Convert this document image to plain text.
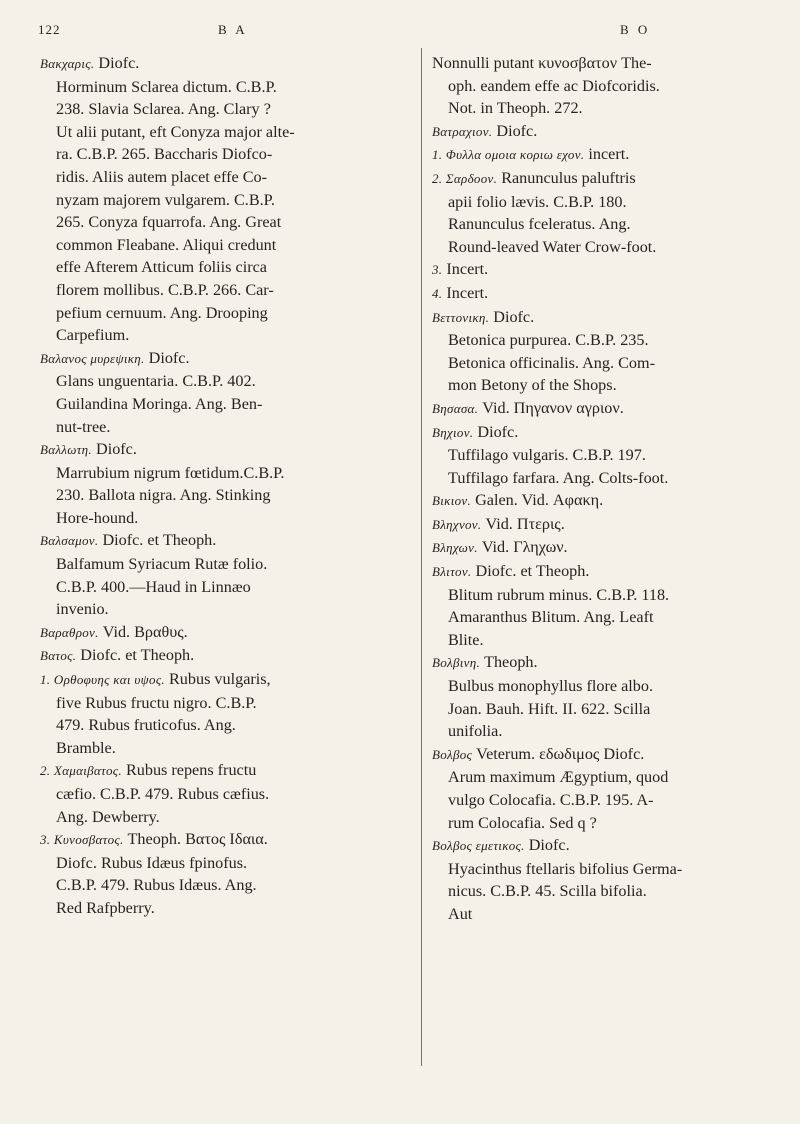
122	B A	B O

Βακχαρις. Diofc.

Horminum Sclarea dictum. C.B.P.

238. Slavia Sclarea. Ang. Clary ?

Ut alii putant, eft Conyza major alte-

ra. C.B.P. 265. Baccharis Diofco-

ridis. Aliis autem placet effe Co-

nyzam majorem vulgarem. C.B.P.

265. Conyza fquarrofa. Ang. Great

common Fleabane. Aliqui credunt

effe Afterem Atticum foliis circa

florem mollibus. C.B.P. 266. Car-

pefium cernuum. Ang. Drooping

Carpefium.

Βαλανος μυρεψικη. Diofc.

Glans unguentaria. C.B.P. 402.

Guilandina Moringa. Ang. Ben-

nut-tree.

Βαλλωτη. Diofc.

Marrubium nigrum fœtidum.C.B.P.

230. Ballota nigra. Ang. Stinking

Hore-hound.

Βαλσαμον. Diofc. et Theoph.

Balfamum Syriacum Rutæ folio.

C.B.P. 400.—Haud in Linnæo

invenio.

Βαραθρον. Vid. Βραθυς.

Βατος. Diofc. et Theoph.

1. Ορθοφυης και υψος. Rubus vulgaris,

five Rubus fructu nigro. C.B.P.

479. Rubus fruticofus. Ang.

Bramble.

2. Χαμαιβατος. Rubus repens fructu

cæfio. C.B.P. 479. Rubus cæfius.

Ang. Dewberry.

3. Κυνοσβατος. Theoph. Βατος Ιδαια.

Diofc. Rubus Idæus fpinofus.

C.B.P. 479. Rubus Idæus. Ang.

Red Rafpberry.

Nonnulli putant κυνοσβατον The-

oph. eandem effe ac Diofcoridis.

Not. in Theoph. 272.

Βατραχιον. Diofc.

1. Φυλλα ομοια κοριω εχον. incert.

2. Σαρδοον. Ranunculus paluftris

apii folio lævis. C.B.P. 180.

Ranunculus fceleratus. Ang.

Round-leaved Water Crow-foot.

3. Incert.

4. Incert.

Βεττονικη. Diofc.

Betonica purpurea. C.B.P. 235.

Betonica officinalis. Ang. Com-

mon Betony of the Shops.

Βησασα. Vid. Πηγανον αγριον.

Βηχιον. Diofc.

Tuffilago vulgaris. C.B.P. 197.

Tuffilago farfara. Ang. Colts-foot.

Βικιον. Galen. Vid. Αφακη.

Βληχνον. Vid. Πτερις.

Βληχων. Vid. Γληχων.

Βλιτον. Diofc. et Theoph.

Blitum rubrum minus. C.B.P. 118.

Amaranthus Blitum. Ang. Leaft

Blite.

Βολβινη. Theoph.

Bulbus monophyllus flore albo.

Joan. Bauh. Hift. II. 622. Scilla

unifolia.

Βολβος Veterum. εδωδιμος Diofc.

Arum maximum Ægyptium, quod

vulgo Colocafia. C.B.P. 195. A-

rum Colocafia. Sed q ?

Βολβος εμετικος. Diofc.

Hyacinthus ftellaris bifolius Germa-

nicus. C.B.P. 45. Scilla bifolia.

Aut
